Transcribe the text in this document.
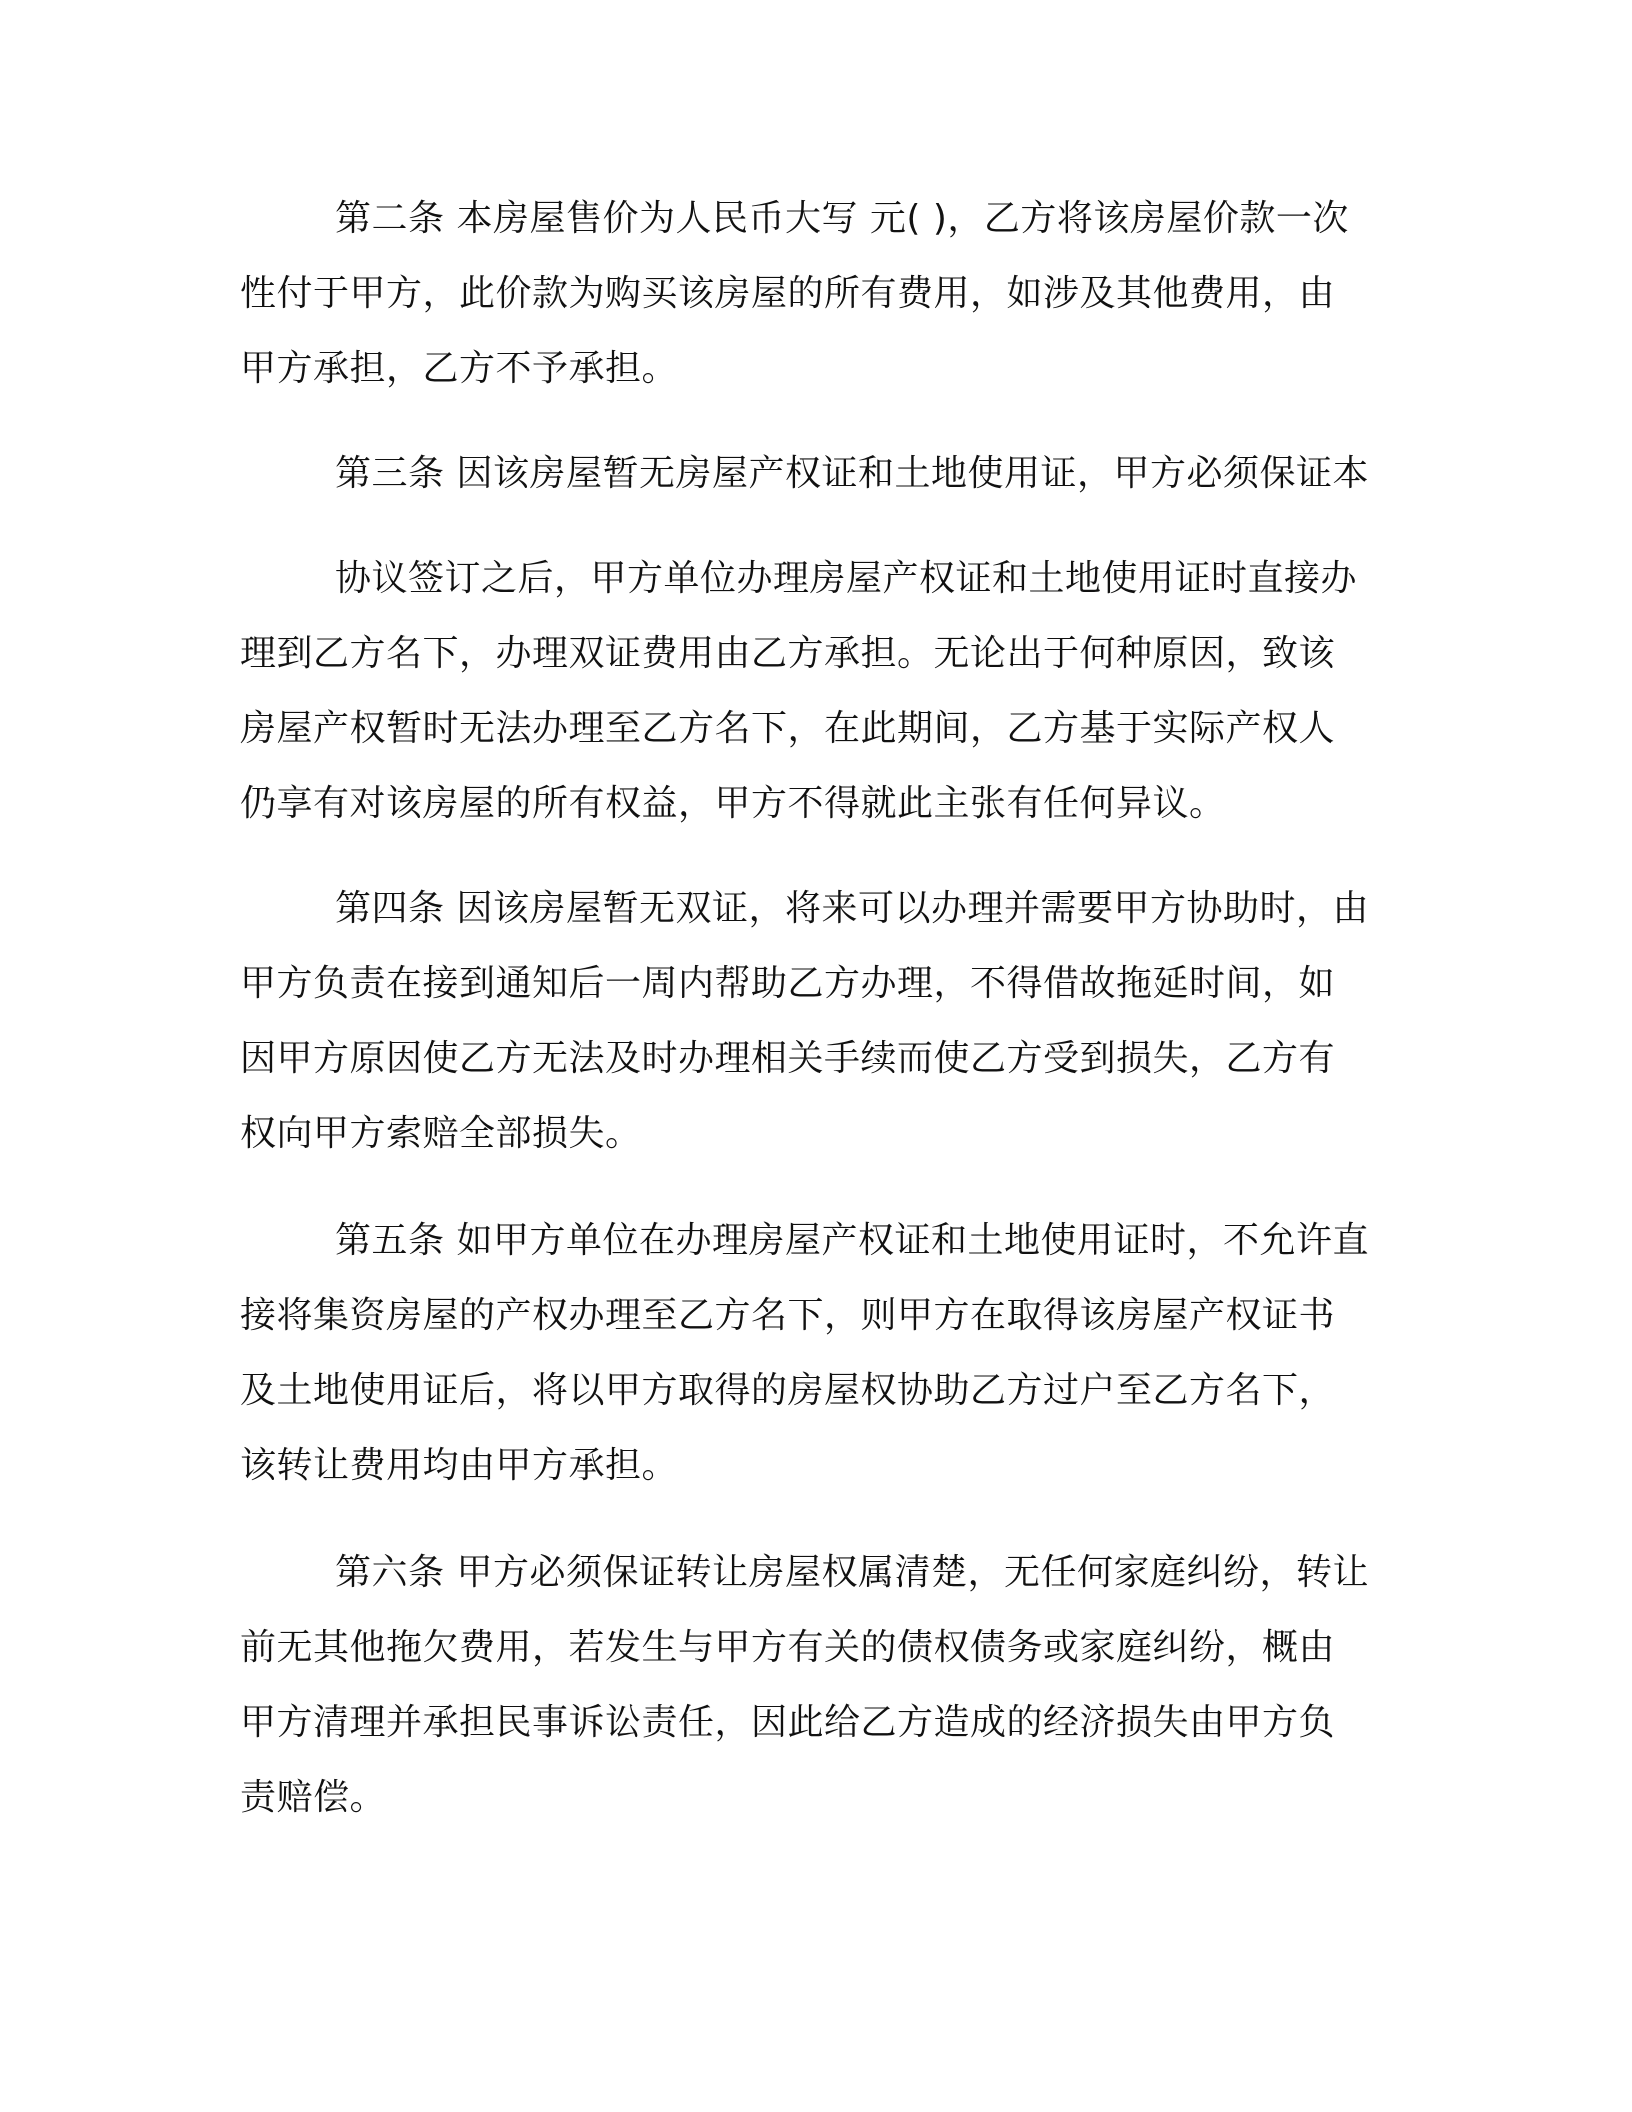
第二条 本房屋售价为人民币大写 元( )，乙方将该房屋价款一次
性付于甲方，此价款为购买该房屋的所有费用，如涉及其他费用，由
甲方承担，乙方不予承担。
第三条 因该房屋暂无房屋产权证和土地使用证，甲方必须保证本
协议签订之后，甲方单位办理房屋产权证和土地使用证时直接办
理到乙方名下，办理双证费用由乙方承担。无论出于何种原因，致该
房屋产权暂时无法办理至乙方名下，在此期间，乙方基于实际产权人
仍享有对该房屋的所有权益，甲方不得就此主张有任何异议。
第四条 因该房屋暂无双证，将来可以办理并需要甲方协助时，由
甲方负责在接到通知后一周内帮助乙方办理，不得借故拖延时间，如
因甲方原因使乙方无法及时办理相关手续而使乙方受到损失，乙方有
权向甲方索赔全部损失。
第五条 如甲方单位在办理房屋产权证和土地使用证时，不允许直
接将集资房屋的产权办理至乙方名下，则甲方在取得该房屋产权证书
及土地使用证后，将以甲方取得的房屋权协助乙方过户至乙方名下，
该转让费用均由甲方承担。
第六条 甲方必须保证转让房屋权属清楚，无任何家庭纠纷，转让
前无其他拖欠费用，若发生与甲方有关的债权债务或家庭纠纷，概由
甲方清理并承担民事诉讼责任，因此给乙方造成的经济损失由甲方负
责赔偿。
